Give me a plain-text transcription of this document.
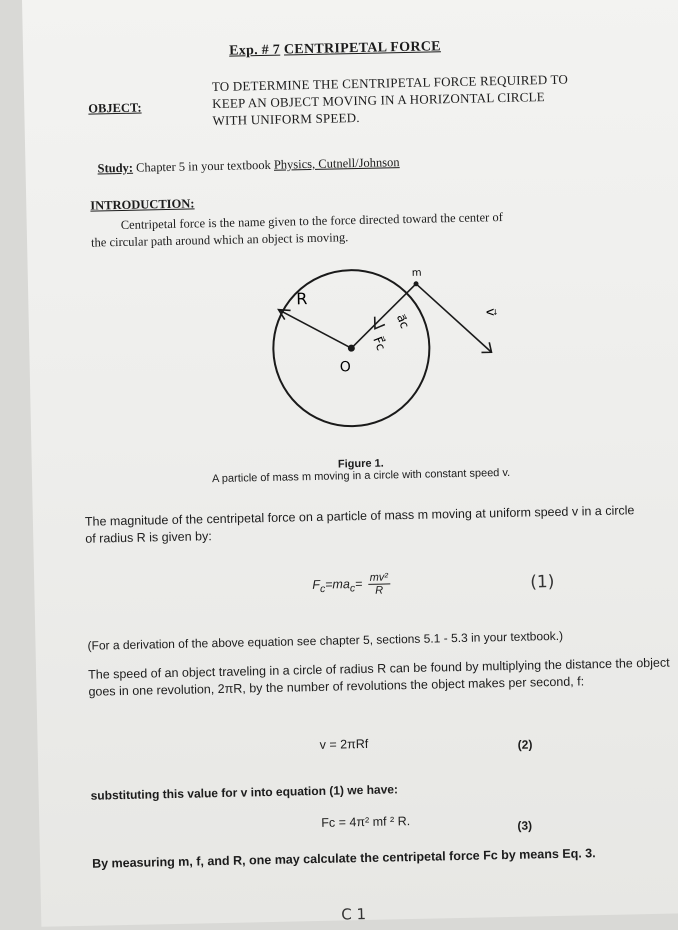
Exp. # 7 CENTRIPETAL FORCE
OBJECT:
TO DETERMINE THE CENTRIPETAL FORCE REQUIRED TO
KEEP AN OBJECT MOVING IN A HORIZONTAL CIRCLE
WITH UNIFORM SPEED.
Study: Chapter 5 in your textbook Physics, Cutnell/Johnson
INTRODUCTION:
Centripetal force is the name given to the force directed toward the center of
the circular path around which an object is moving.
R
m
O
a⃗c
F⃗c
v⃗
Figure 1.
A particle of mass m moving in a circle with constant speed v.
The magnitude of the centripetal force on a particle of mass m moving at uniform speed v in a circle of radius R is given by:
$F_c=ma_c= \frac{\text{mv²}}{R}$	(1)
(For a derivation of the above equation see chapter 5, sections 5.1 - 5.3 in your textbook.)
The speed of an object traveling in a circle of radius R can be found by multiplying the distance the object goes in one revolution, 2πR, by the number of revolutions the object makes per second, f:
v = 2πRf	(2)
substituting this value for v into equation (1) we have:
Fc = 4π² mf ² R.	(3)
By measuring m, f, and R, one may calculate the centripetal force Fc by means Eq. 3.
C 1
